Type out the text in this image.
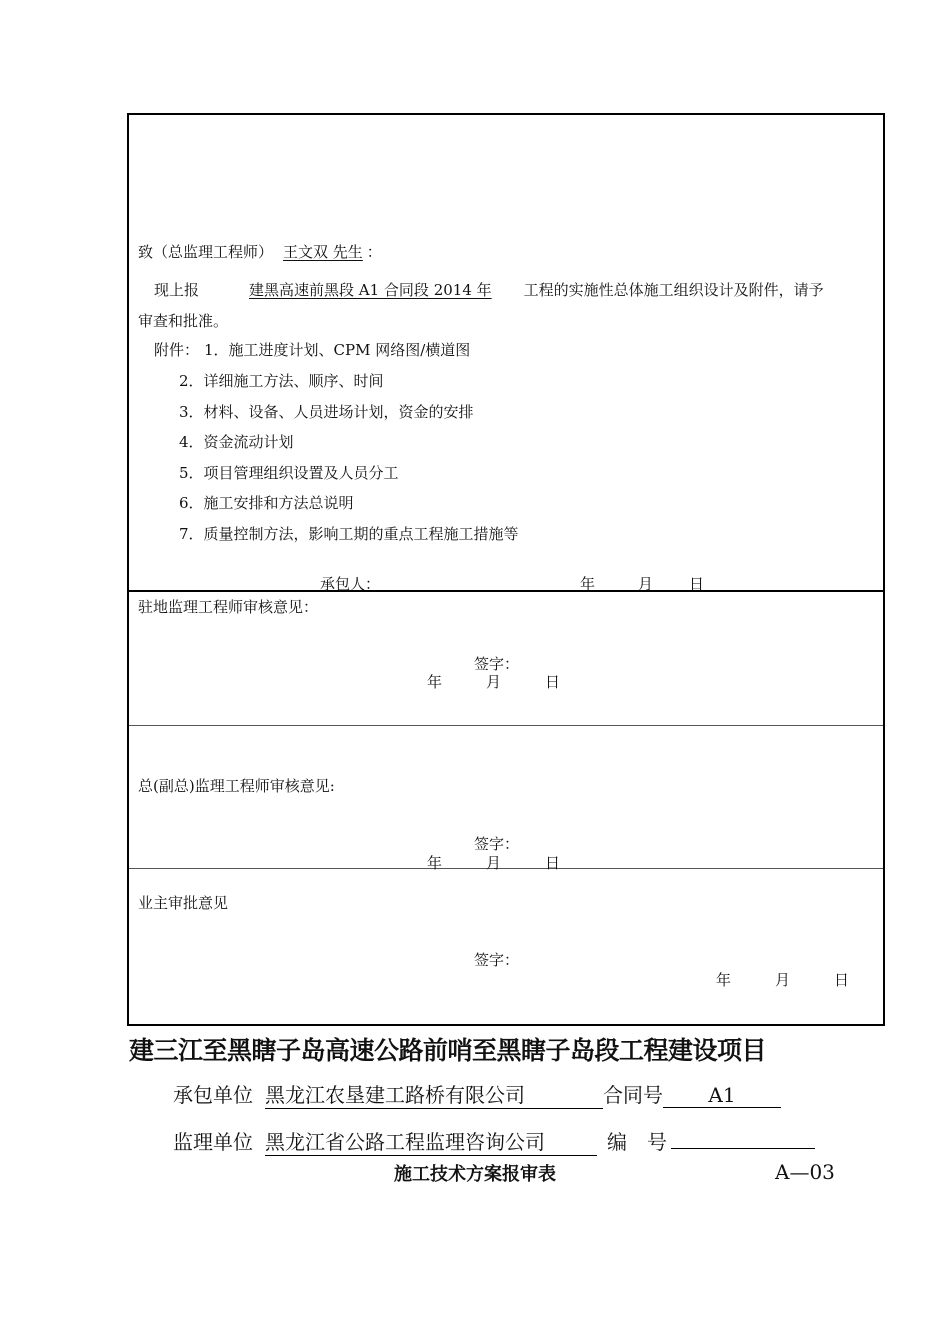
致（总监理工程师） 王文双 先生 ：
现上报	建黑高速前黑段 A1 合同段 2014 年 工程的实施性总体施工组织设计及附件，请予
审查和批准。
附件： 1．施工进度计划、CPM 网络图/横道图
2．详细施工方法、顺序、时间
3．材料、设备、人员进场计划，资金的安排
4．资金流动计划
5．项目管理组织设置及人员分工
6．施工安排和方法总说明
7．质量控制方法，影响工期的重点工程施工措施等
承包人：	年	月 日
驻地监理工程师审核意见：
签字：
年	月	日
总(副总)监理工程师审核意见:
签字：
年	月	日
业主审批意见
签字：
年	月	日
建三江至黑瞎子岛高速公路前哨至黑瞎子岛段工程建设项目
承包单位 黑龙江农垦建工路桥有限公司	合同号 A1
监理单位 黑龙江省公路工程监理咨询公司	编　号
施工技术方案报审表	A—03
